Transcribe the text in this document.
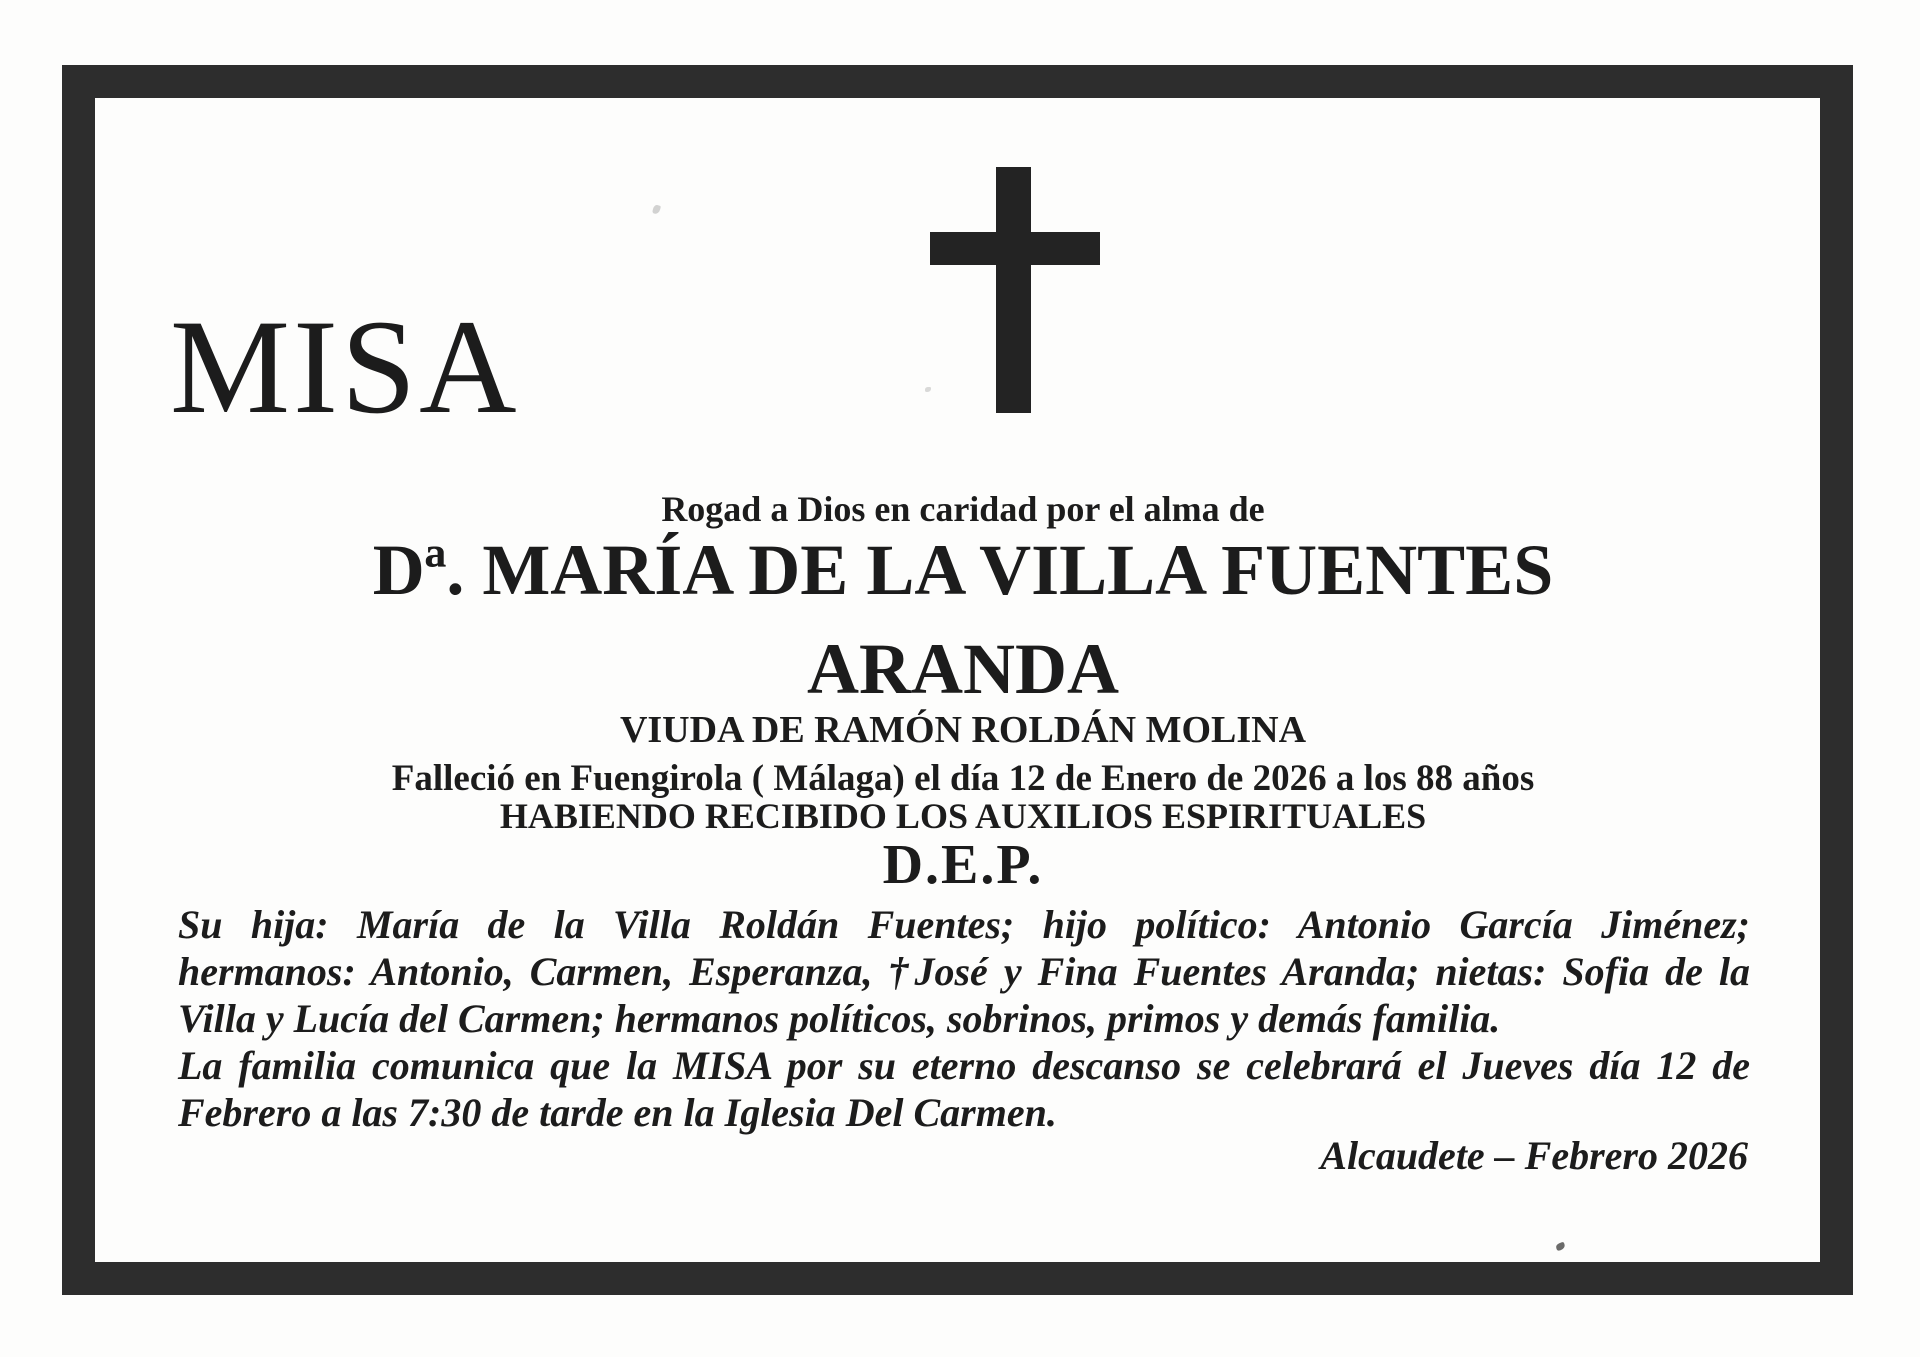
MISA
Rogad a Dios en caridad por el alma de
Dª. MARÍA DE LA VILLA FUENTES
ARANDA
VIUDA DE RAMÓN ROLDÁN MOLINA
Falleció en Fuengirola ( Málaga) el día 12 de Enero de 2026 a los 88 años
HABIENDO RECIBIDO LOS AUXILIOS ESPIRITUALES
D.E.P.
Su hija: María de la Villa Roldán Fuentes; hijo político: Antonio García Jiménez;
hermanos: Antonio, Carmen, Esperanza, †José y Fina Fuentes Aranda; nietas: Sofia de la
Villa y Lucía del Carmen; hermanos políticos, sobrinos, primos y demás familia.
La familia comunica que la MISA por su eterno descanso se celebrará el Jueves día 12 de
Febrero a las 7:30 de tarde en la Iglesia Del Carmen.
Alcaudete – Febrero 2026
